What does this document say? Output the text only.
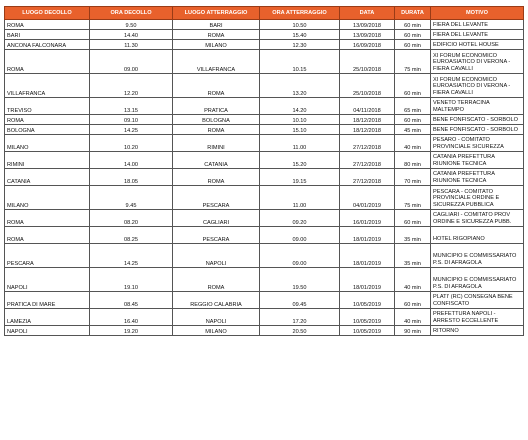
LUOGO DECOLLO	ORA DECOLLO	LUOGO ATTERRAGGIO	ORA ATTERRAGGIO	DATA	DURATA	MOTIVO
ROMA	9.50	BARI	10.50	13/09/2018	60 min	FIERA DEL LEVANTE
BARI	14.40	ROMA	15.40	13/09/2018	60 min	FIERA DEL LEVANTE
ANCONA FALCONARA	11.30	MILANO	12.30	16/09/2018	60 min	EDIFICIO HOTEL HOUSE
ROMA	09.00	VILLAFRANCA	10.15	25/10/2018	75 min	XI FORUM ECONOMICO EUROASIATICO DI VERONA - FIERA CAVALLI
VILLAFRANCA	12.20	ROMA	13.20	25/10/2018	60 min	XI FORUM ECONOMICO EUROASIATICO DI VERONA - FIERA CAVALLI
TREVISO	13.15	PRATICA	14.20	04/11/2018	65 min	VENETO TERRACINA MALTEMPO
ROMA	09.10	BOLOGNA	10.10	18/12/2018	60 min	BENE FONFISCATO - SORBOLO
BOLOGNA	14.25	ROMA	15.10	18/12/2018	45 min	BENE FONFISCATO - SORBOLO
MILANO	10.20	RIMINI	11.00	27/12/2018	40 min	PESARO - COMITATO PROVINCIALE SICUREZZA
RIMINI	14.00	CATANIA	15.20	27/12/2018	80 min	CATANIA PREFETTURA RIUNIONE TECNICA
CATANIA	18.05	ROMA	19.15	27/12/2018	70 min	CATANIA PREFETTURA RIUNIONE TECNICA
MILANO	9.45	PESCARA	11.00	04/01/2019	75 min	PESCARA - COMITATO PROVINCIALE ORDINE E SICUREZZA PUBBLICA
ROMA	08.20	CAGLIARI	09.20	16/01/2019	60 min	CAGLIARI - COMITATO PROV ORDINE E SICUREZZA PUBB.
ROMA	08.25	PESCARA	09.00	18/01/2019	35 min	HOTEL RIGOPIANO
PESCARA	14.25	NAPOLI	09.00	18/01/2019	35 min	MUNICIPIO E COMMISSARIATO P.S. DI AFRAGOLA
NAPOLI	19.10	ROMA	19.50	18/01/2019	40 min	MUNICIPIO E COMMISSARIATO P.S. DI AFRAGOLA
PRATICA DI MARE	08.45	REGGIO CALABRIA	09.45	10/05/2019	60 min	PLATI' (RC) CONSEGNA BENE CONFISCATO
LAMEZIA	16.40	NAPOLI	17.20	10/05/2019	40 min	PREFETTURA NAPOLI - ARRESTO ECCELLENTE
NAPOLI	19.20	MILANO	20.50	10/05/2019	90 min	RITORNO
